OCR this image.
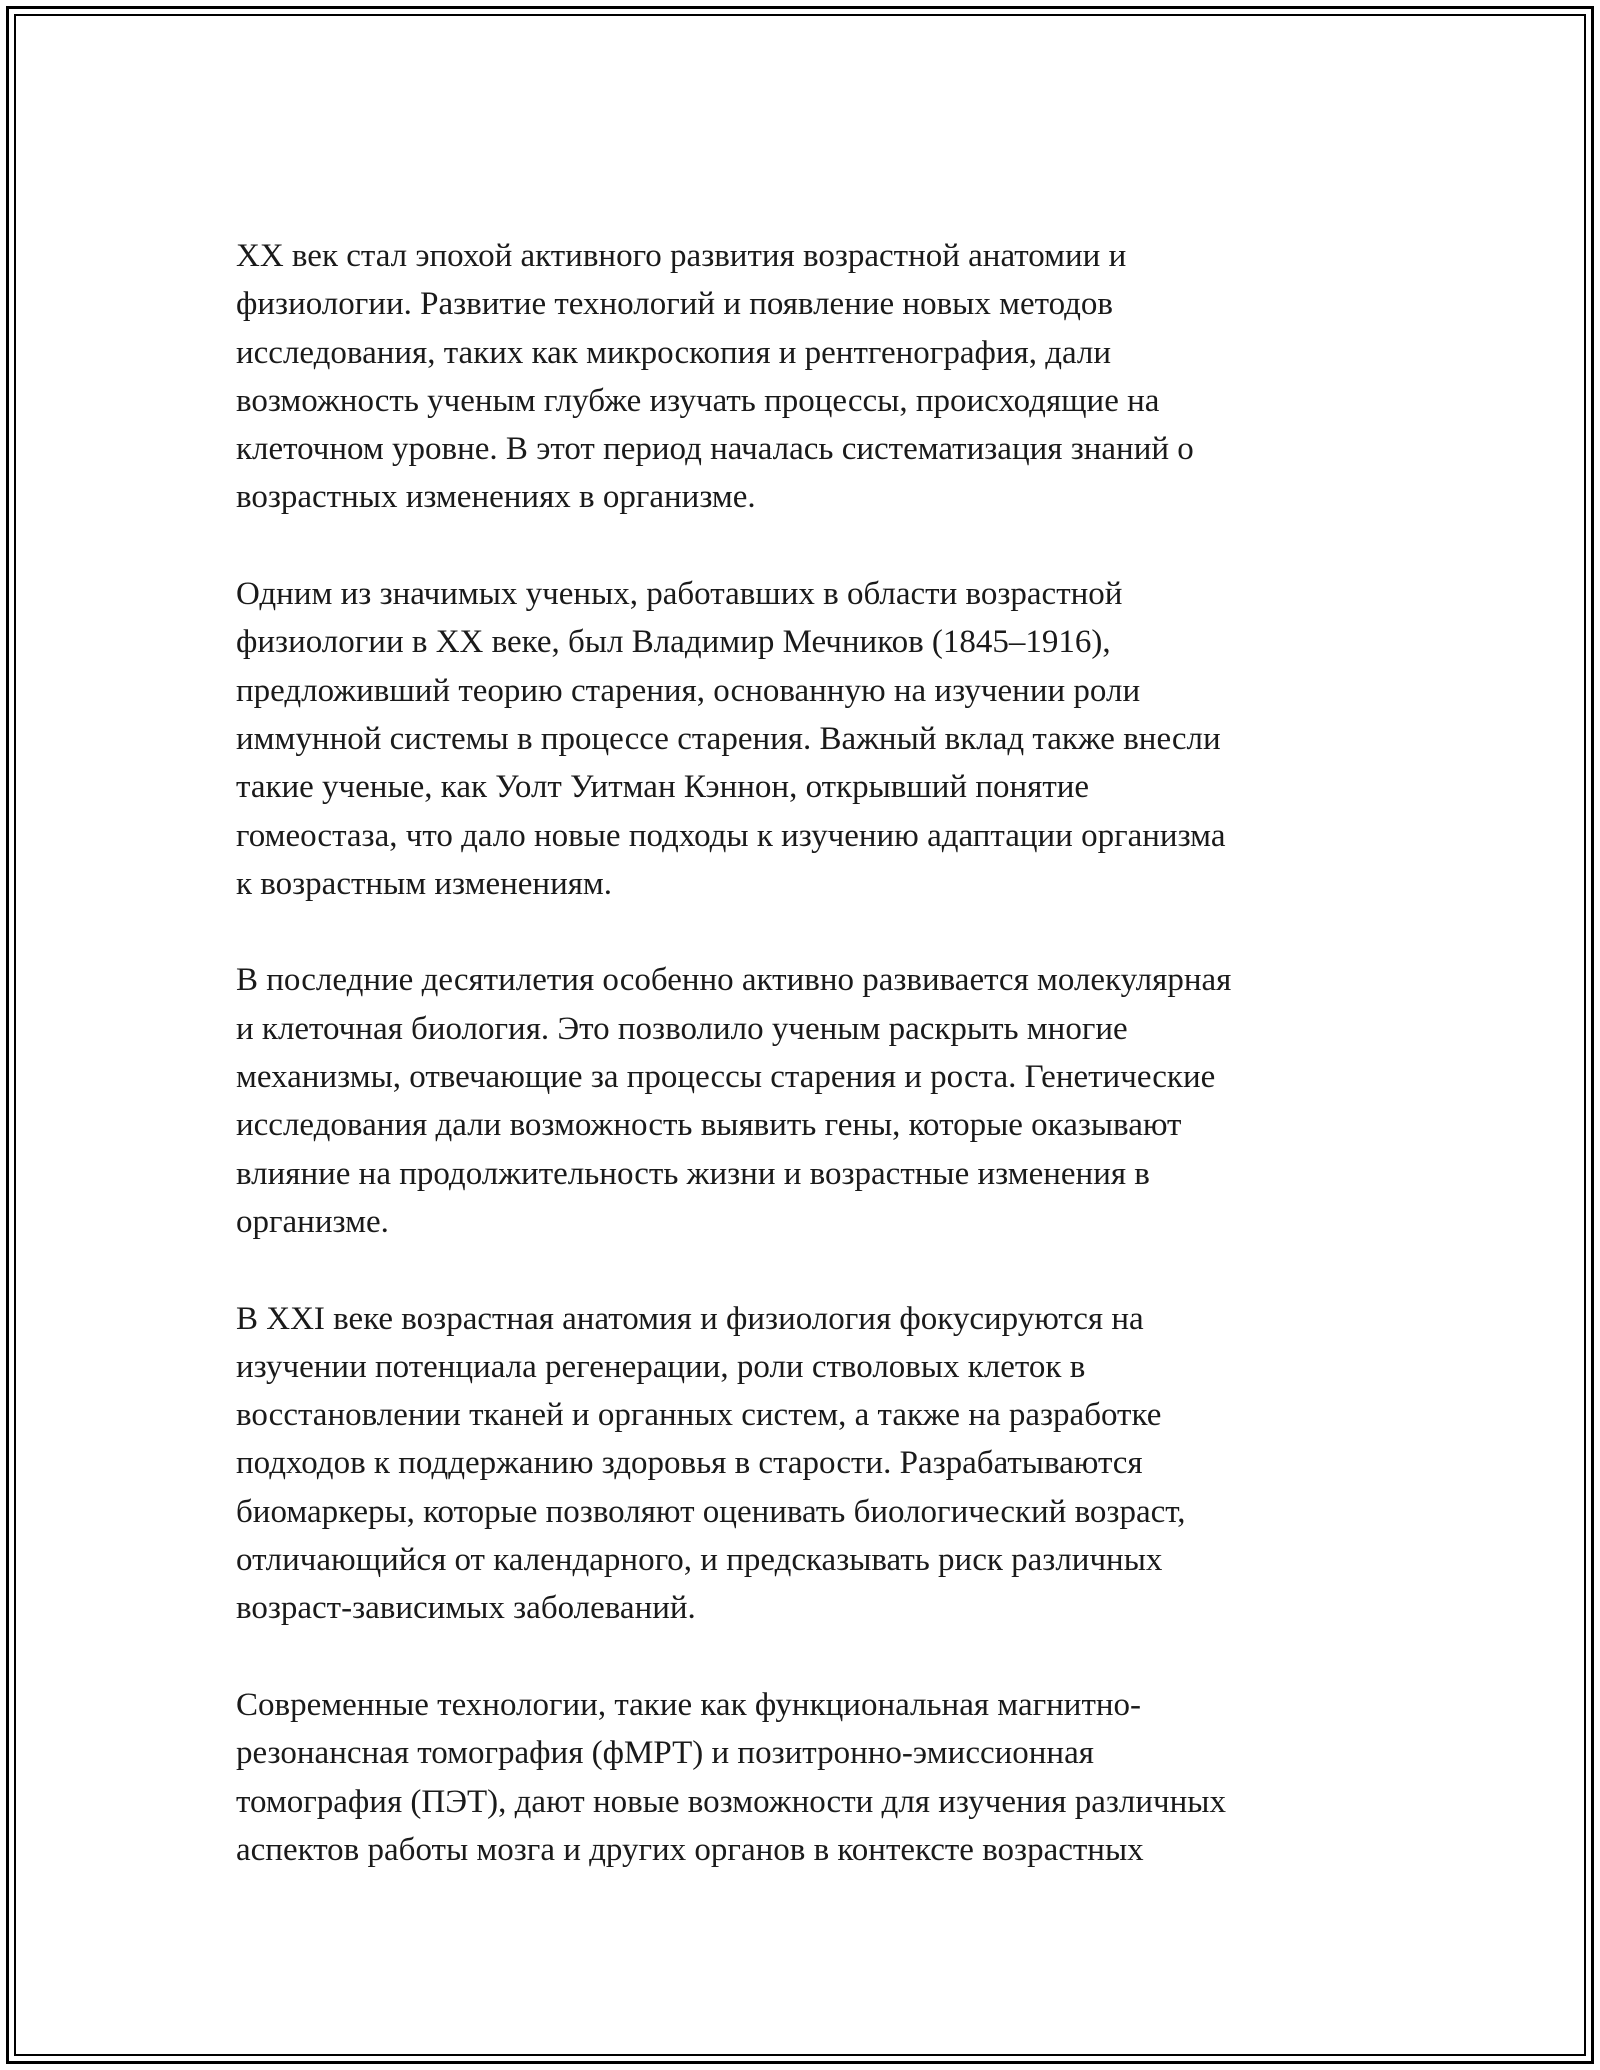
XX век стал эпохой активного развития возрастной анатомии и
физиологии. Развитие технологий и появление новых методов
исследования, таких как микроскопия и рентгенография, дали
возможность ученым глубже изучать процессы, происходящие на
клеточном уровне. В этот период началась систематизация знаний о
возрастных изменениях в организме.
Одним из значимых ученых, работавших в области возрастной
физиологии в XX веке, был Владимир Мечников (1845–1916),
предложивший теорию старения, основанную на изучении роли
иммунной системы в процессе старения. Важный вклад также внесли
такие ученые, как Уолт Уитман Кэннон, открывший понятие
гомеостаза, что дало новые подходы к изучению адаптации организма
к возрастным изменениям.
В последние десятилетия особенно активно развивается молекулярная
и клеточная биология. Это позволило ученым раскрыть многие
механизмы, отвечающие за процессы старения и роста. Генетические
исследования дали возможность выявить гены, которые оказывают
влияние на продолжительность жизни и возрастные изменения в
организме.
В XXI веке возрастная анатомия и физиология фокусируются на
изучении потенциала регенерации, роли стволовых клеток в
восстановлении тканей и органных систем, а также на разработке
подходов к поддержанию здоровья в старости. Разрабатываются
биомаркеры, которые позволяют оценивать биологический возраст,
отличающийся от календарного, и предсказывать риск различных
возраст-зависимых заболеваний.
Современные технологии, такие как функциональная магнитно-
резонансная томография (фМРТ) и позитронно-эмиссионная
томография (ПЭТ), дают новые возможности для изучения различных
аспектов работы мозга и других органов в контексте возрастных
